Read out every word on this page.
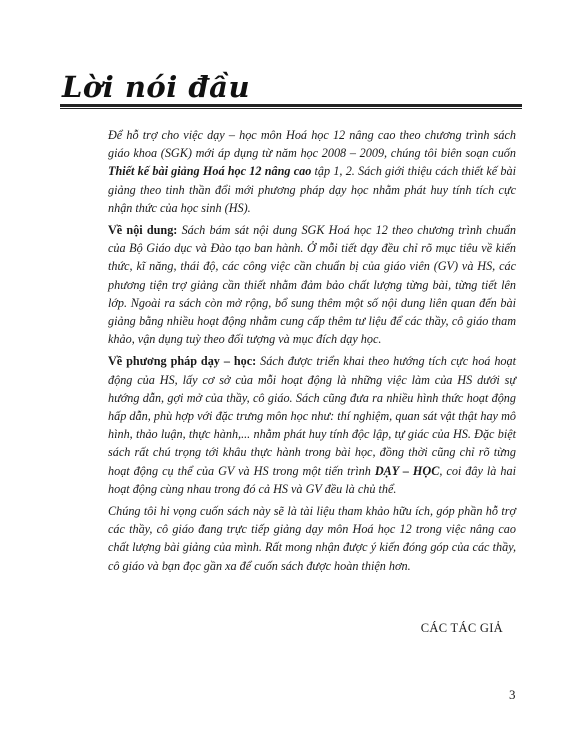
Lời nói đầu

Để hỗ trợ cho việc dạy – học môn Hoá học 12 nâng cao theo chương trình sách giáo khoa (SGK) mới áp dụng từ năm học 2008 – 2009, chúng tôi biên soạn cuốn Thiết kế bài giảng Hoá học 12 nâng cao tập 1, 2. Sách giới thiệu cách thiết kế bài giảng theo tinh thần đổi mới phương pháp dạy học nhằm phát huy tính tích cực nhận thức của học sinh (HS).

Về nội dung: Sách bám sát nội dung SGK Hoá học 12 theo chương trình chuẩn của Bộ Giáo dục và Đào tạo ban hành. Ở mỗi tiết dạy đều chỉ rõ mục tiêu về kiến thức, kĩ năng, thái độ, các công việc cần chuẩn bị của giáo viên (GV) và HS, các phương tiện trợ giảng cần thiết nhằm đảm bảo chất lượng từng bài, từng tiết lên lớp. Ngoài ra sách còn mở rộng, bổ sung thêm một số nội dung liên quan đến bài giảng bằng nhiều hoạt động nhằm cung cấp thêm tư liệu để các thầy, cô giáo tham khảo, vận dụng tuỳ theo đối tượng và mục đích dạy học.

Về phương pháp dạy – học: Sách được triển khai theo hướng tích cực hoá hoạt động của HS, lấy cơ sở của mỗi hoạt động là những việc làm của HS dưới sự hướng dẫn, gợi mở của thầy, cô giáo. Sách cũng đưa ra nhiều hình thức hoạt động hấp dẫn, phù hợp với đặc trưng môn học như: thí nghiệm, quan sát vật thật hay mô hình, thảo luận, thực hành,... nhằm phát huy tính độc lập, tự giác của HS. Đặc biệt sách rất chú trọng tới khâu thực hành trong bài học, đồng thời cũng chỉ rõ từng hoạt động cụ thể của GV và HS trong một tiến trình DẠY – HỌC, coi đây là hai hoạt động cùng nhau trong đó cả HS và GV đều là chủ thể.

Chúng tôi hi vọng cuốn sách này sẽ là tài liệu tham khảo hữu ích, góp phần hỗ trợ các thầy, cô giáo đang trực tiếp giảng dạy môn Hoá học 12 trong việc nâng cao chất lượng bài giảng của mình. Rất mong nhận được ý kiến đóng góp của các thầy, cô giáo và bạn đọc gần xa để cuốn sách được hoàn thiện hơn.

CÁC TÁC GIẢ
3
